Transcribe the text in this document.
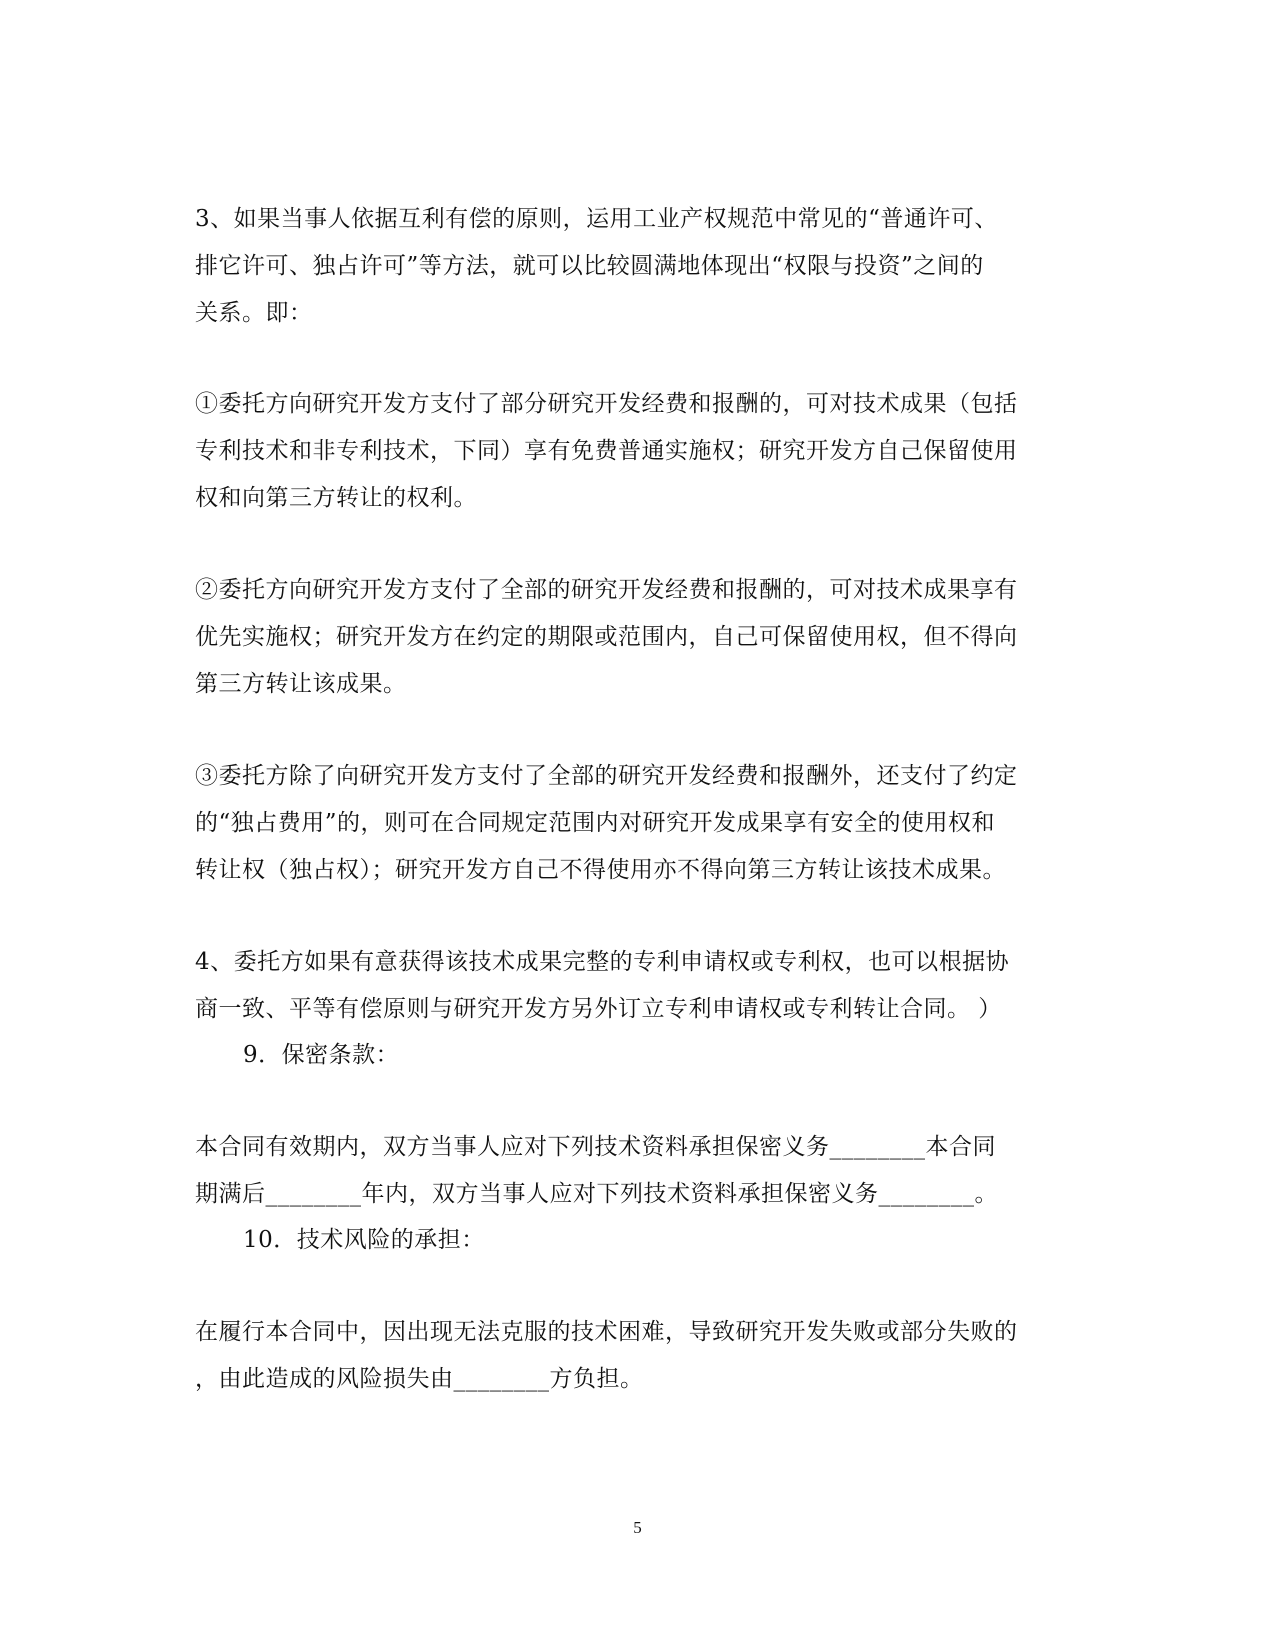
3、如果当事人依据互利有偿的原则，运用工业产权规范中常见的“普通许可、
排它许可、独占许可”等方法，就可以比较圆满地体现出“权限与投资”之间的
关系。即：
①委托方向研究开发方支付了部分研究开发经费和报酬的，可对技术成果（包括
专利技术和非专利技术，下同）享有免费普通实施权；研究开发方自己保留使用
权和向第三方转让的权利。
②委托方向研究开发方支付了全部的研究开发经费和报酬的，可对技术成果享有
优先实施权；研究开发方在约定的期限或范围内，自己可保留使用权，但不得向
第三方转让该成果。
③委托方除了向研究开发方支付了全部的研究开发经费和报酬外，还支付了约定
的“独占费用”的，则可在合同规定范围内对研究开发成果享有安全的使用权和
转让权（独占权）；研究开发方自己不得使用亦不得向第三方转让该技术成果。
4、委托方如果有意获得该技术成果完整的专利申请权或专利权，也可以根据协
商一致、平等有偿原则与研究开发方另外订立专利申请权或专利转让合同。 ）
9．保密条款：
本合同有效期内，双方当事人应对下列技术资料承担保密义务________本合同
期满后________年内，双方当事人应对下列技术资料承担保密义务________。
10．技术风险的承担：
在履行本合同中，因出现无法克服的技术困难，导致研究开发失败或部分失败的
，由此造成的风险损失由________方负担。
5
